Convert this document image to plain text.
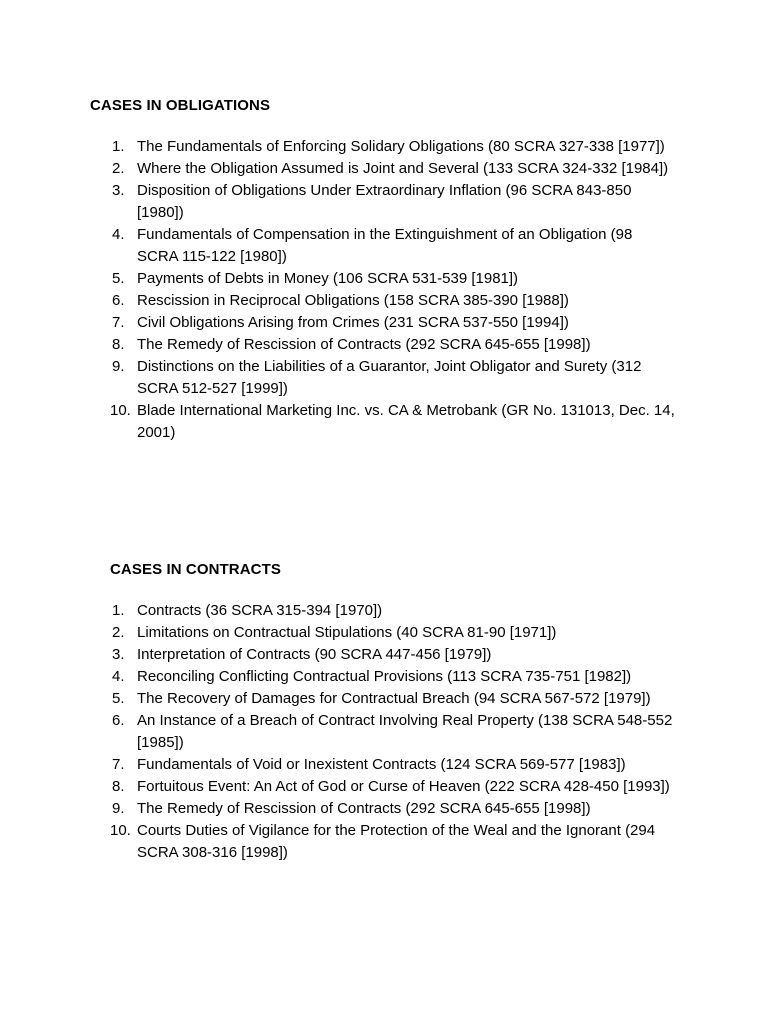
CASES IN OBLIGATIONS
1. The Fundamentals of Enforcing Solidary Obligations (80 SCRA 327-338 [1977])
2. Where the Obligation Assumed is Joint and Several (133 SCRA 324-332 [1984])
3. Disposition of Obligations Under Extraordinary Inflation (96 SCRA 843-850 [1980])
4. Fundamentals of Compensation in the Extinguishment of an Obligation (98 SCRA 115-122 [1980])
5. Payments of Debts in Money (106 SCRA 531-539 [1981])
6. Rescission in Reciprocal Obligations (158 SCRA 385-390 [1988])
7. Civil Obligations Arising from Crimes (231 SCRA 537-550 [1994])
8. The Remedy of Rescission of Contracts (292 SCRA 645-655 [1998])
9. Distinctions on the Liabilities of a Guarantor, Joint Obligator and Surety (312 SCRA 512-527 [1999])
10. Blade International Marketing Inc. vs. CA & Metrobank (GR No. 131013, Dec. 14, 2001)
CASES IN CONTRACTS
1. Contracts (36 SCRA 315-394 [1970])
2. Limitations on Contractual Stipulations (40 SCRA 81-90 [1971])
3. Interpretation of Contracts (90 SCRA 447-456 [1979])
4. Reconciling Conflicting Contractual Provisions (113 SCRA 735-751 [1982])
5. The Recovery of Damages for Contractual Breach (94 SCRA 567-572 [1979])
6. An Instance of a Breach of Contract Involving Real Property (138 SCRA 548-552 [1985])
7. Fundamentals of Void or Inexistent Contracts (124 SCRA 569-577 [1983])
8. Fortuitous Event: An Act of God or Curse of Heaven (222 SCRA 428-450 [1993])
9. The Remedy of Rescission of Contracts (292 SCRA 645-655 [1998])
10. Courts Duties of Vigilance for the Protection of the Weal and the Ignorant (294 SCRA 308-316 [1998])
